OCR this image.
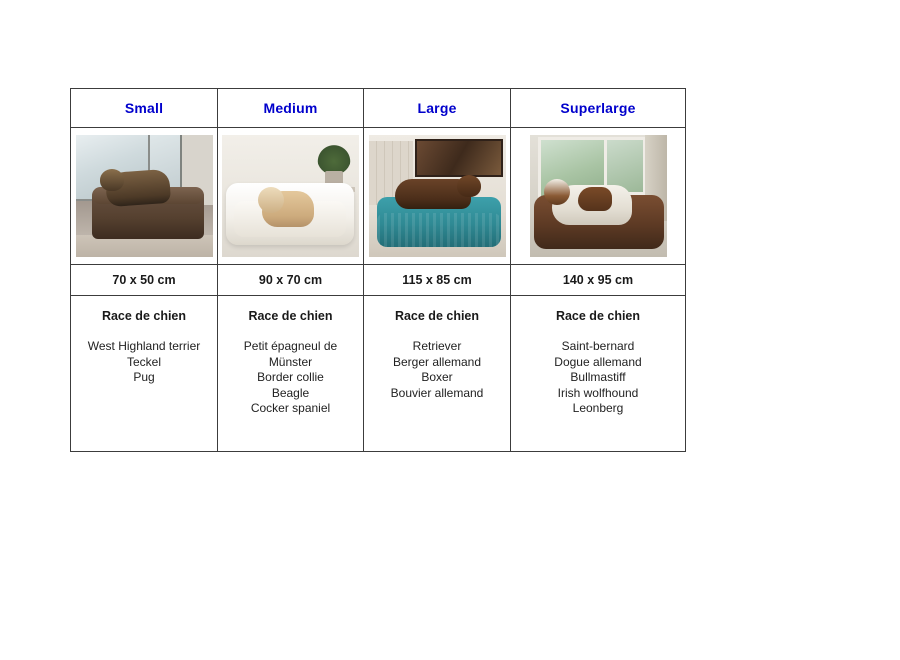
Small	Medium	Large	Superlarge

70 x 50 cm	90 x 70 cm	115 x 85 cm	140 x 95 cm

Race de chien
West Highland terrier
Teckel
Pug

Race de chien
Petit épagneul de
Münster
Border collie
Beagle
Cocker spaniel

Race de chien
Retriever
Berger allemand
Boxer
Bouvier allemand

Race de chien
Saint-bernard
Dogue allemand
Bullmastiff
Irish wolfhound
Leonberg
